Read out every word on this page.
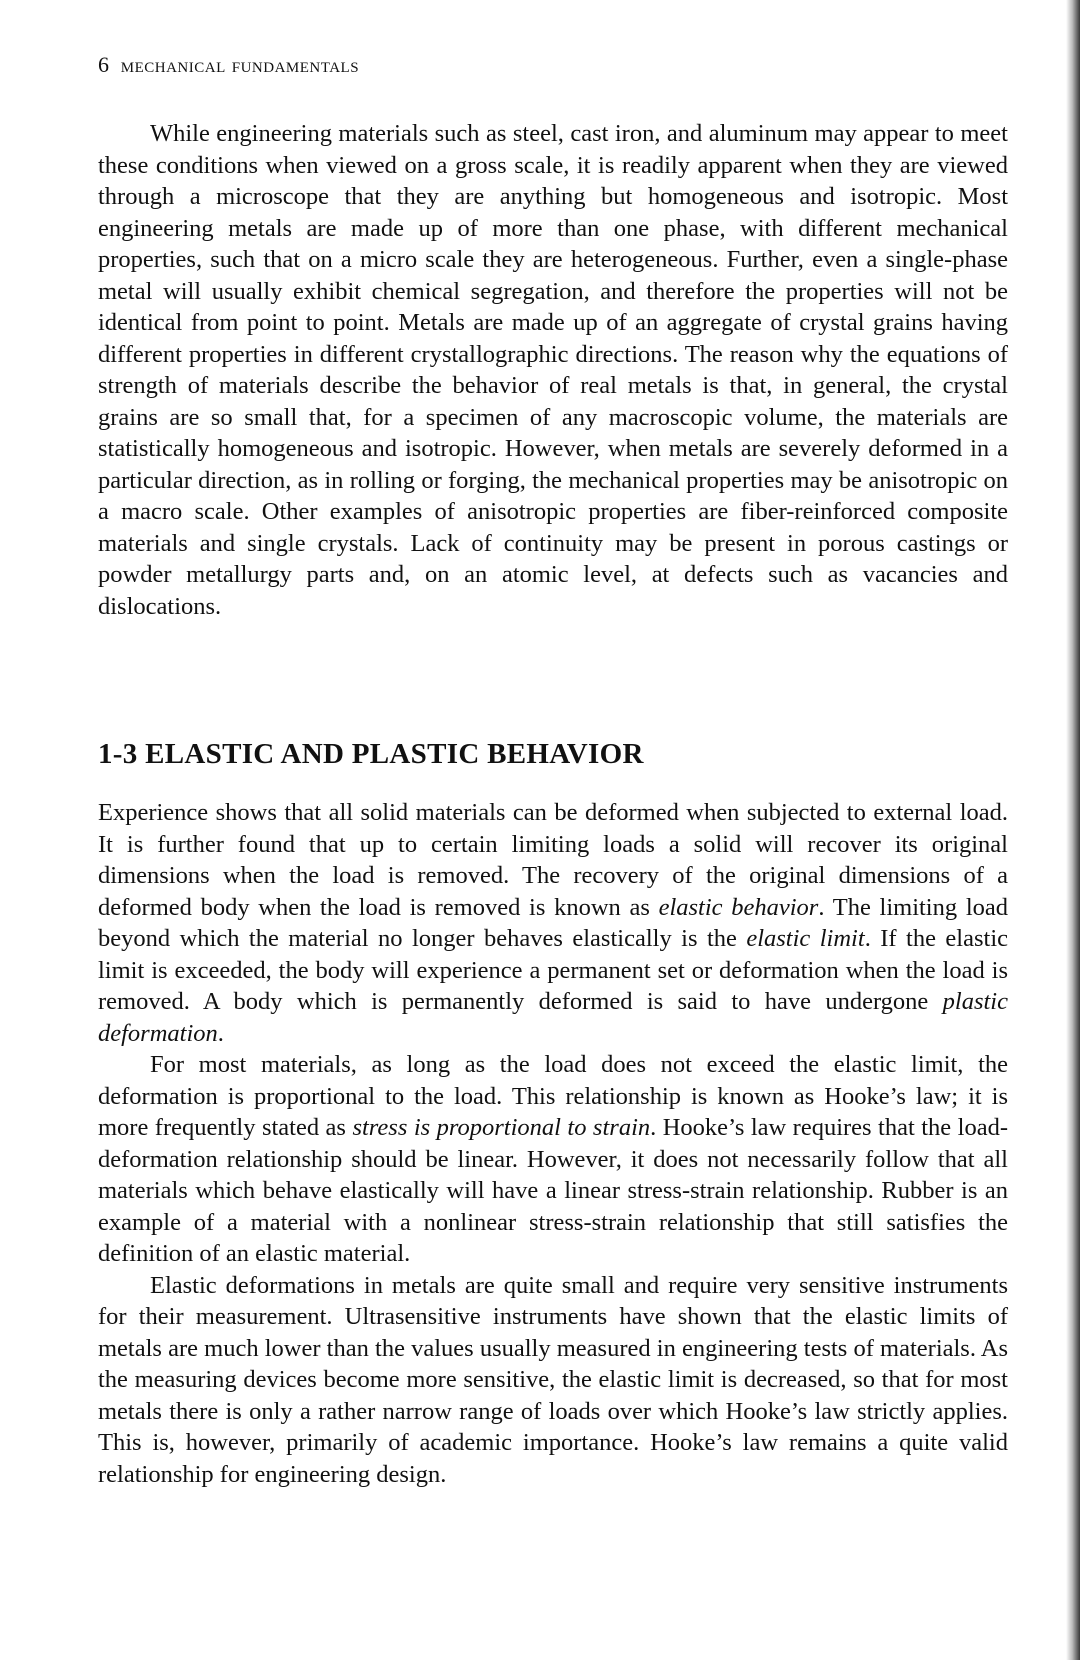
6 mechanical fundamentals

While engineering materials such as steel, cast iron, and aluminum may appear to meet these conditions when viewed on a gross scale, it is readily apparent when they are viewed through a microscope that they are anything but homogeneous and isotropic. Most engineering metals are made up of more than one phase, with different mechanical properties, such that on a micro scale they are heterogeneous. Further, even a single-phase metal will usually exhibit chemical segregation, and therefore the properties will not be identical from point to point. Metals are made up of an aggregate of crystal grains having different properties in different crystallographic directions. The reason why the equations of strength of materials describe the behavior of real metals is that, in general, the crystal grains are so small that, for a specimen of any macroscopic volume, the materials are statistically homogeneous and isotropic. However, when metals are severely deformed in a particular direction, as in rolling or forging, the mechanical properties may be anisotropic on a macro scale. Other examples of anisotropic properties are fiber-reinforced composite materials and single crystals. Lack of continuity may be present in porous castings or powder metallurgy parts and, on an atomic level, at defects such as vacancies and dislocations.

1-3 ELASTIC AND PLASTIC BEHAVIOR

Experience shows that all solid materials can be deformed when subjected to external load. It is further found that up to certain limiting loads a solid will recover its original dimensions when the load is removed. The recovery of the original dimensions of a deformed body when the load is removed is known as elastic behavior. The limiting load beyond which the material no longer behaves elastically is the elastic limit. If the elastic limit is exceeded, the body will experience a permanent set or deformation when the load is removed. A body which is permanently deformed is said to have undergone plastic deformation.

For most materials, as long as the load does not exceed the elastic limit, the deformation is proportional to the load. This relationship is known as Hooke’s law; it is more frequently stated as stress is proportional to strain. Hooke’s law requires that the load-deformation relationship should be linear. However, it does not necessarily follow that all materials which behave elastically will have a linear stress-strain relationship. Rubber is an example of a material with a nonlinear stress-strain relationship that still satisfies the definition of an elastic material.

Elastic deformations in metals are quite small and require very sensitive instruments for their measurement. Ultrasensitive instruments have shown that the elastic limits of metals are much lower than the values usually measured in engineering tests of materials. As the measuring devices become more sensitive, the elastic limit is decreased, so that for most metals there is only a rather narrow range of loads over which Hooke’s law strictly applies. This is, however, primarily of academic importance. Hooke’s law remains a quite valid relationship for engineering design.
